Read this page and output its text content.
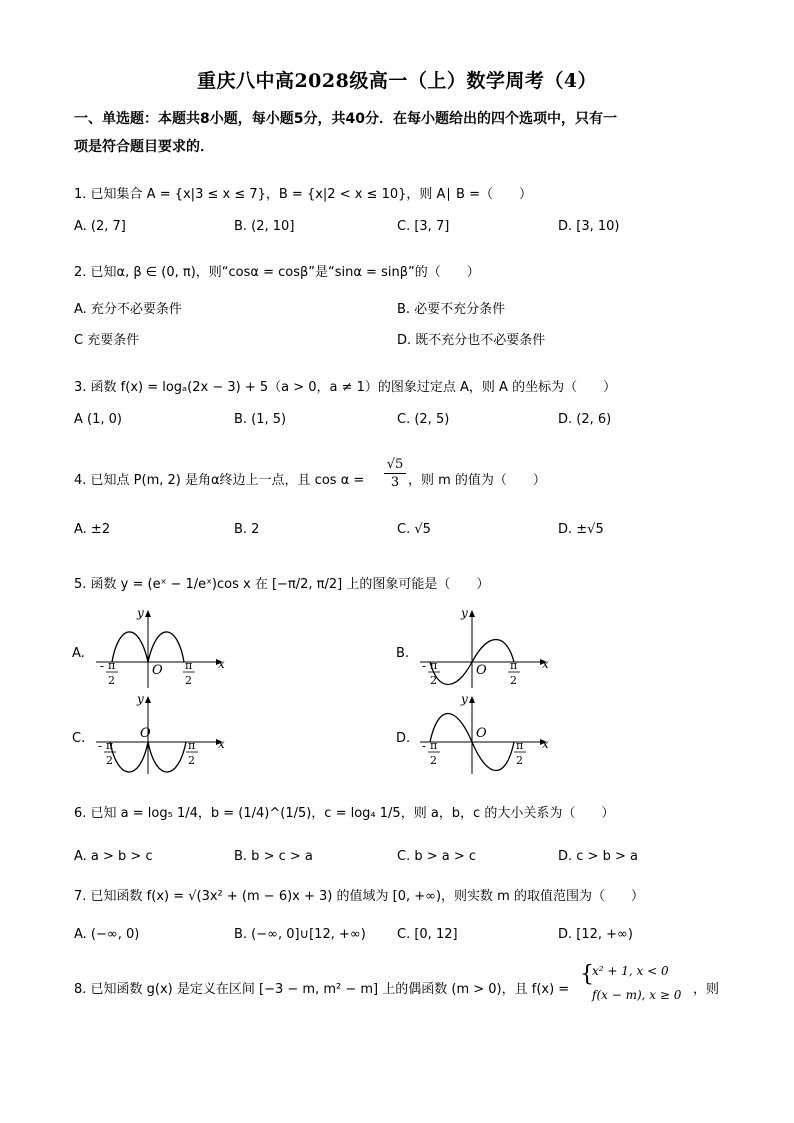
重庆八中高2028级高一（上）数学周考（4）
一、单选题：本题共8小题，每小题5分，共40分．在每小题给出的四个选项中，只有一
项是符合题目要求的．
1. 已知集合 A = {x|3 ≤ x ≤ 7}，B = {x|2 < x ≤ 10}，则 A∣ B =（　　）
A. (2, 7]	B. (2, 10]	C. [3, 7]	D. [3, 10)
2. 已知α, β ∈ (0, π)，则“cosα = cosβ”是“sinα = sinβ”的（　　）
A. 充分不必要条件	B. 必要不充分条件
C 充要条件	D. 既不充分也不必要条件
3. 函数 f(x) = logₐ(2x − 3) + 5（a > 0，a ≠ 1）的图象过定点 A，则 A 的坐标为（　　）
A (1, 0)	B. (1, 5)	C. (2, 5)	D. (2, 6)
4. 已知点 P(m, 2) 是角α终边上一点，且 $\cos \alpha = \frac{√5}{3}$ ，则 m 的值为（　　）
A. ±2	B. 2	C. √5	D. ±√5
5. 函数 y = (eˣ − 1/eˣ)cos x 在 [−π/2, π/2] 上的图象可能是（　　）
A.	B.
C.	D.
y
x
O
- π
2
π
2
y
x
O
- π
2
π
2
y
x
O
- π
2
π
2
y
x
O
- π
2
π
2
6. 已知 a = log₅ 1/4，b = (1/4)^(1/5)，c = log₄ 1/5，则 a，b，c 的大小关系为（　　）
A. a > b > c	B. b > c > a	C. b > a > c	D. c > b > a
7. 已知函数 f(x) = √(3x² + (m − 6)x + 3) 的值域为 [0, +∞)，则实数 m 的取值范围为（　　）
A. (−∞, 0)	B. (−∞, 0]∪[12, +∞) C. [0, 12]	D. [12, +∞)
8. 已知函数 g(x) 是定义在区间 [−3 − m, m² − m] 上的偶函数 (m > 0)，且 f(x) =
{
x² + 1, x < 0
f(x − m), x ≥ 0 ，则
